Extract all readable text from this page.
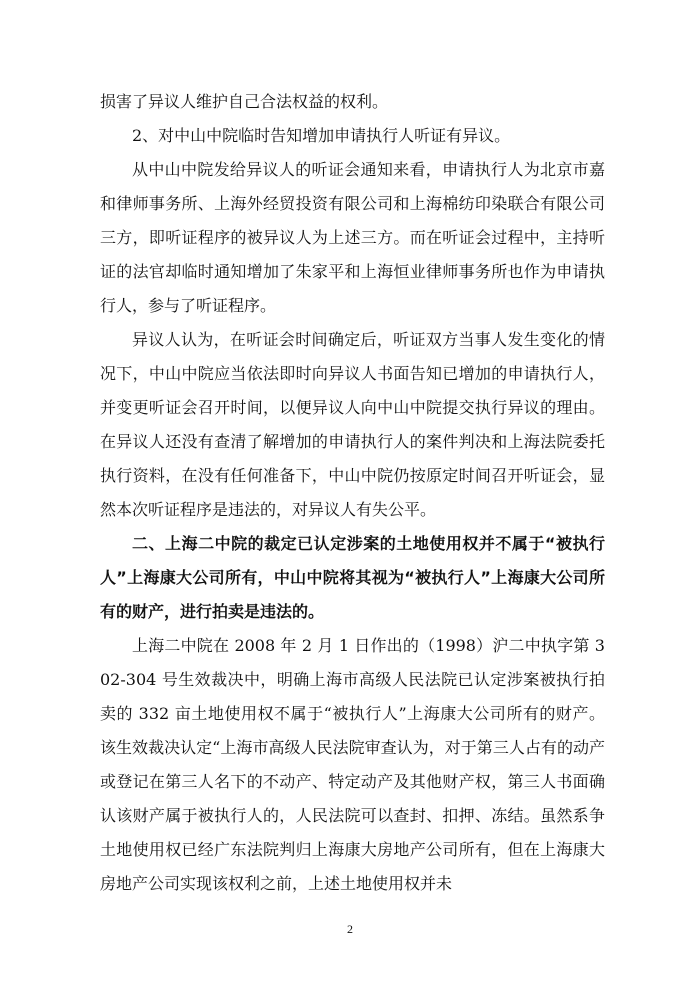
损害了异议人维护自己合法权益的权利。

2、对中山中院临时告知增加申请执行人听证有异议。

从中山中院发给异议人的听证会通知来看，申请执行人为北京市嘉和律师事务所、上海外经贸投资有限公司和上海棉纺印染联合有限公司三方，即听证程序的被异议人为上述三方。而在听证会过程中，主持听证的法官却临时通知增加了朱家平和上海恒业律师事务所也作为申请执行人，参与了听证程序。

异议人认为，在听证会时间确定后，听证双方当事人发生变化的情况下，中山中院应当依法即时向异议人书面告知已增加的申请执行人，并变更听证会召开时间，以便异议人向中山中院提交执行异议的理由。在异议人还没有查清了解增加的申请执行人的案件判决和上海法院委托执行资料，在没有任何准备下，中山中院仍按原定时间召开听证会，显然本次听证程序是违法的，对异议人有失公平。

二、上海二中院的裁定已认定涉案的土地使用权并不属于“被执行人”上海康大公司所有，中山中院将其视为“被执行人”上海康大公司所有的财产，进行拍卖是违法的。

上海二中院在 2008 年 2 月 1 日作出的（1998）沪二中执字第 302-304 号生效裁决中，明确上海市高级人民法院已认定涉案被执行拍卖的 332 亩土地使用权不属于“被执行人”上海康大公司所有的财产。该生效裁决认定“上海市高级人民法院审查认为，对于第三人占有的动产或登记在第三人名下的不动产、特定动产及其他财产权，第三人书面确认该财产属于被执行人的，人民法院可以查封、扣押、冻结。虽然系争土地使用权已经广东法院判归上海康大房地产公司所有，但在上海康大房地产公司实现该权利之前，上述土地使用权并未

2
